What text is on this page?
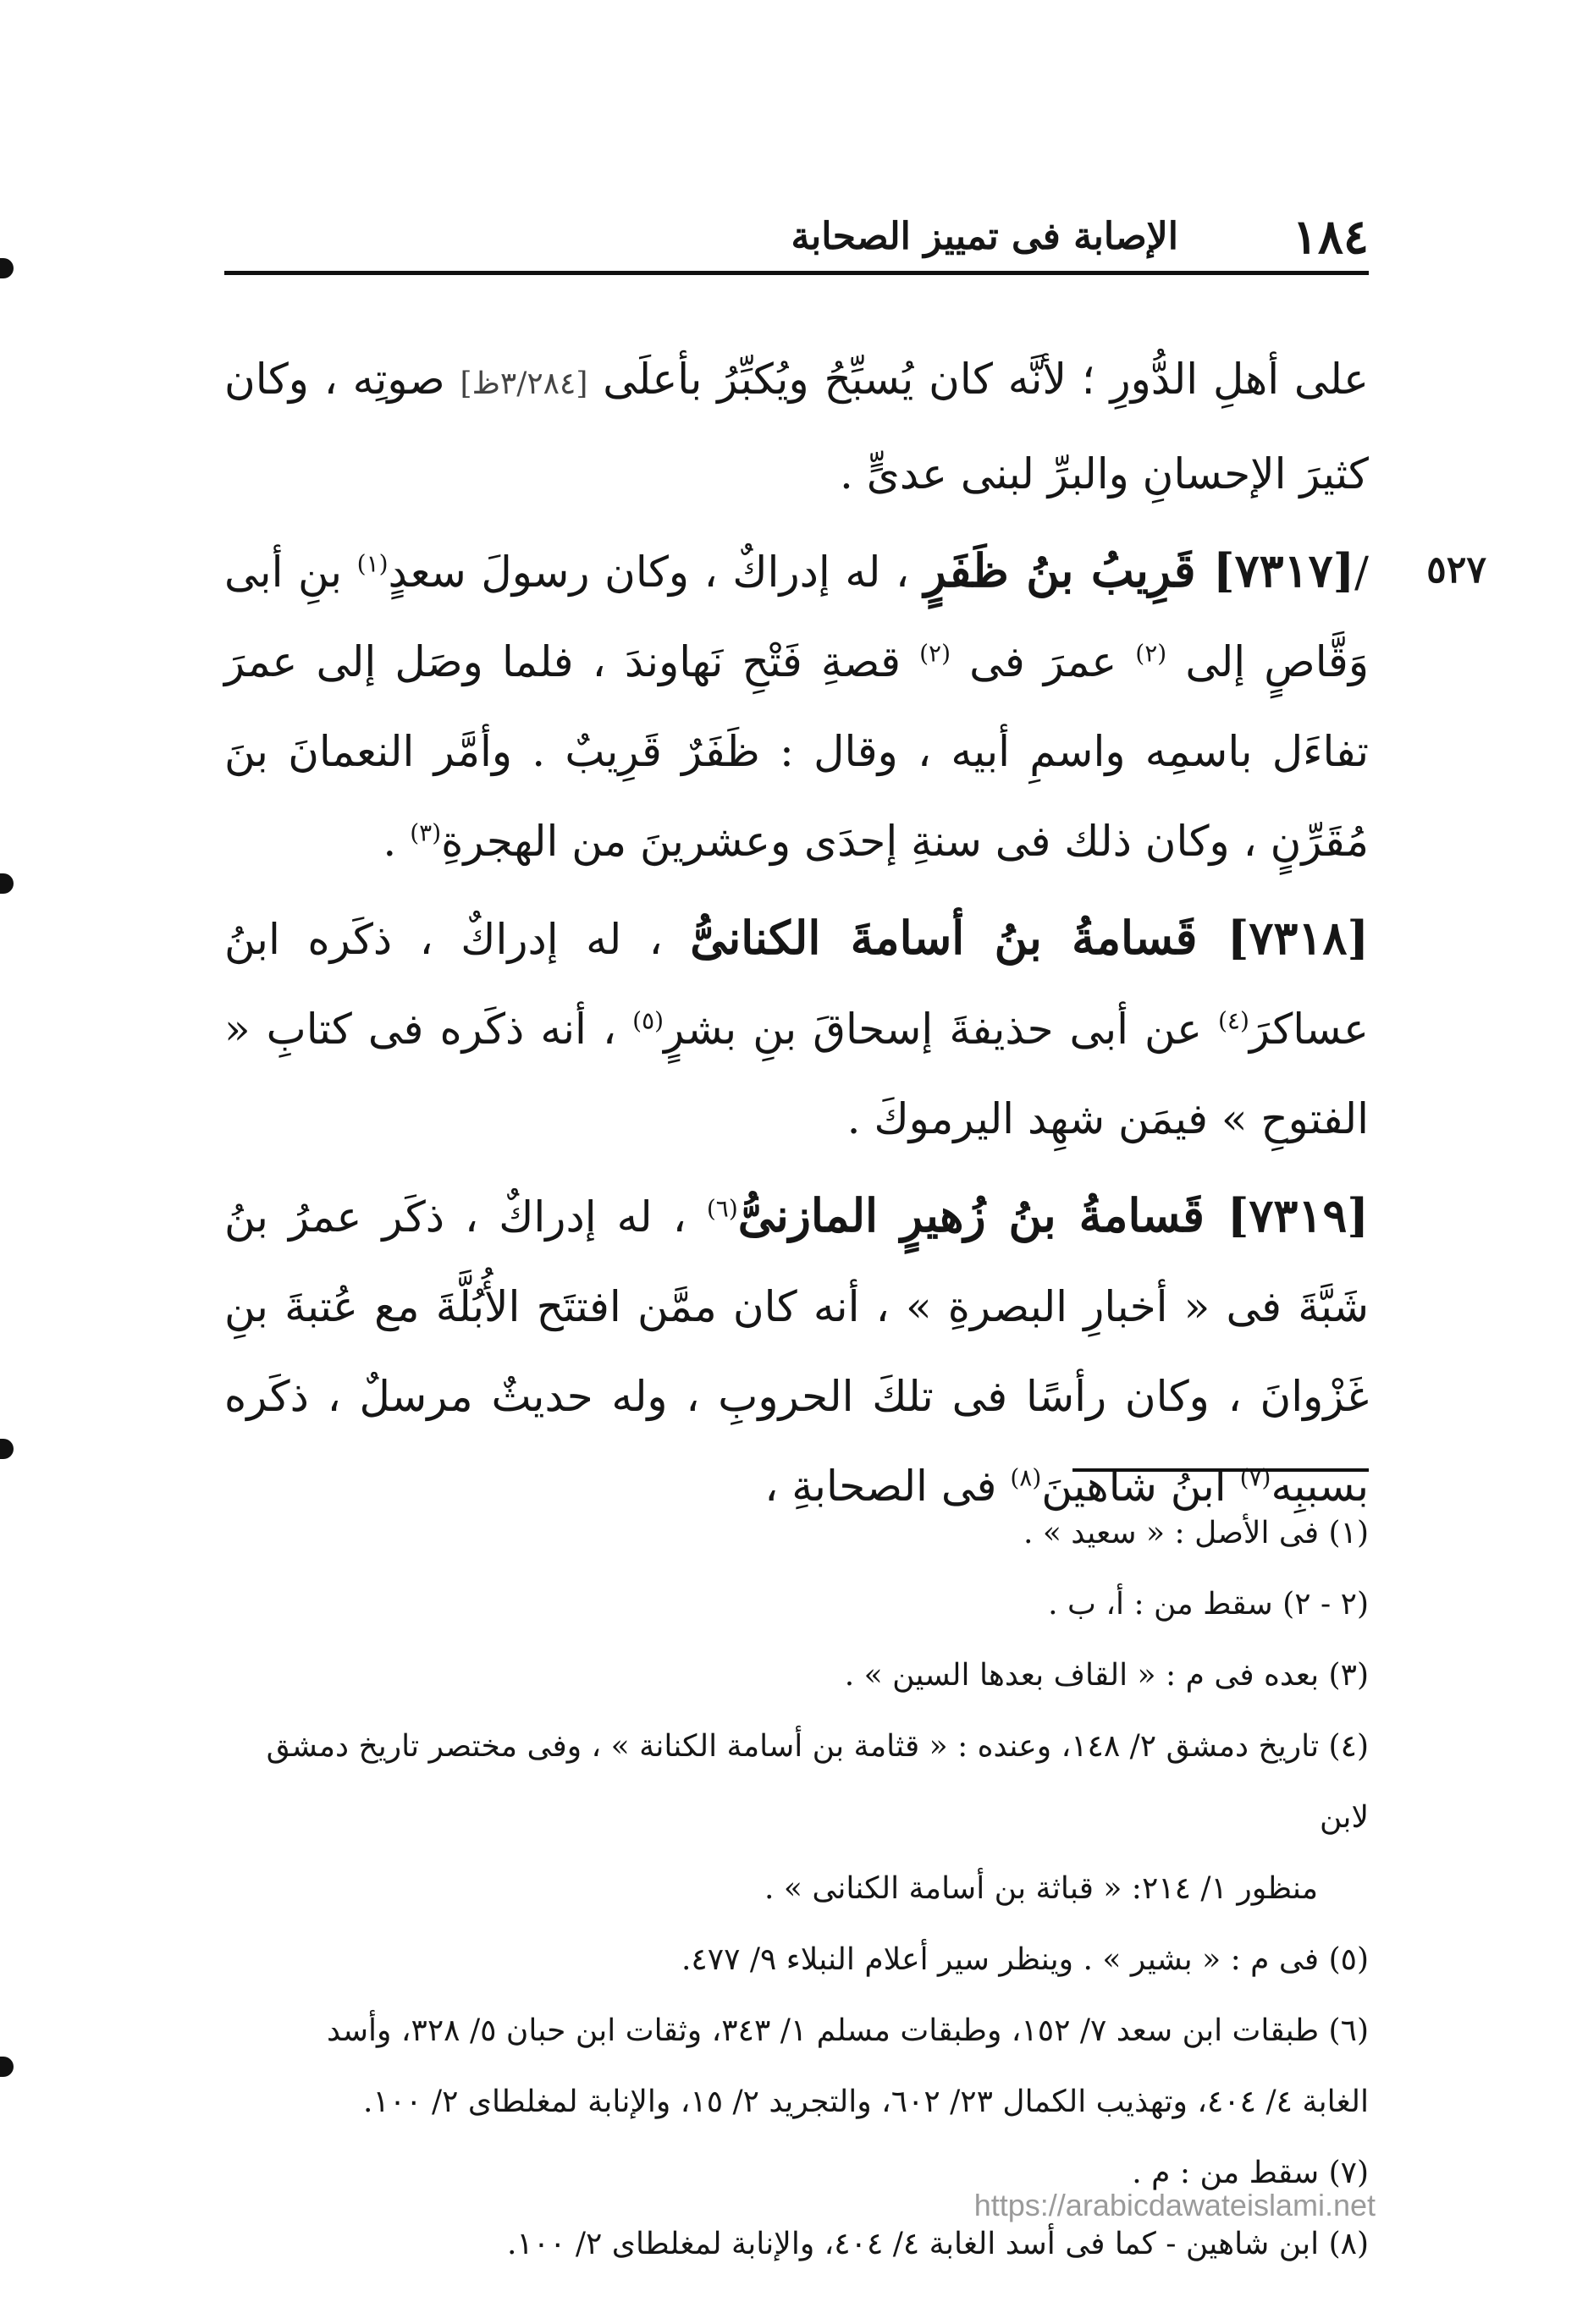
١٨٤
الإصابة فى تمييز الصحابة
٥٢٧

على أهلِ الدُّورِ ؛ لأنَّه كان يُسبِّحُ ويُكبِّرُ بأعلَى [٣/٢٨٤ظ] صوتِه ، وكان كثيرَ الإحسانِ والبرِّ لبنى عدىٍّ .

/[٧٣١٧] قَرِيبُ بنُ ظَفَرٍ ، له إدراكٌ ، وكان رسولَ سعدٍ$^{(١)}$ بنِ أبى وَقَّاصٍ إلى $^{(٢)}$ عمرَ فى $^{(٢)}$ قصةِ فَتْحِ نَهاوندَ ، فلما وصَل إلى عمرَ تفاءَل باسمِه واسمِ أبيه ، وقال : ظَفَرٌ قَرِيبٌ . وأمَّر النعمانَ بنَ مُقَرِّنٍ ، وكان ذلك فى سنةِ إحدَى وعشرينَ من الهجرةِ$^{(٣)}$ .

[٧٣١٨] قَسامةُ بنُ أسامةَ الكنانىُّ ، له إدراكٌ ، ذكَره ابنُ عساكرَ$^{(٤)}$ عن أبى حذيفةَ إسحاقَ بنِ بشرٍ$^{(٥)}$ ، أنه ذكَره فى كتابِ « الفتوحِ » فيمَن شهِد اليرموكَ .

[٧٣١٩] قَسامةُ بنُ زُهيرٍ المازنىُّ$^{(٦)}$ ، له إدراكٌ ، ذكَر عمرُ بنُ شَبَّةَ فى « أخبارِ البصرةِ » ، أنه كان ممَّن افتتَح الأُبُلَّةَ مع عُتبةَ بنِ غَزْوانَ ، وكان رأسًا فى تلكَ الحروبِ ، وله حديثٌ مرسلٌ ، ذكَره بسببِه$^{(٧)}$ ابنُ شاهينَ$^{(٨)}$ فى الصحابةِ ،

(١) فى الأصل : « سعيد » .

(٢ - ٢) سقط من : أ، ب .

(٣) بعده فى م : « القاف بعدها السين » .

(٤) تاريخ دمشق ٢/ ١٤٨، وعنده : « قثامة بن أسامة الكنانة » ، وفى مختصر تاريخ دمشق لابن

منظور ١/ ٢١٤: « قباثة بن أسامة الكنانى » .

(٥) فى م : « بشير » . وينظر سير أعلام النبلاء ٩/ ٤٧٧.

(٦) طبقات ابن سعد ٧/ ١٥٢، وطبقات مسلم ١/ ٣٤٣، وثقات ابن حبان ٥/ ٣٢٨، وأسد

الغابة ٤/ ٤٠٤، وتهذيب الكمال ٢٣/ ٦٠٢، والتجريد ٢/ ١٥، والإنابة لمغلطاى ٢/ ١٠٠.

(٧) سقط من : م .

(٨) ابن شاهين - كما فى أسد الغابة ٤/ ٤٠٤، والإنابة لمغلطاى ٢/ ١٠٠.

https://arabicdawateislami.net
